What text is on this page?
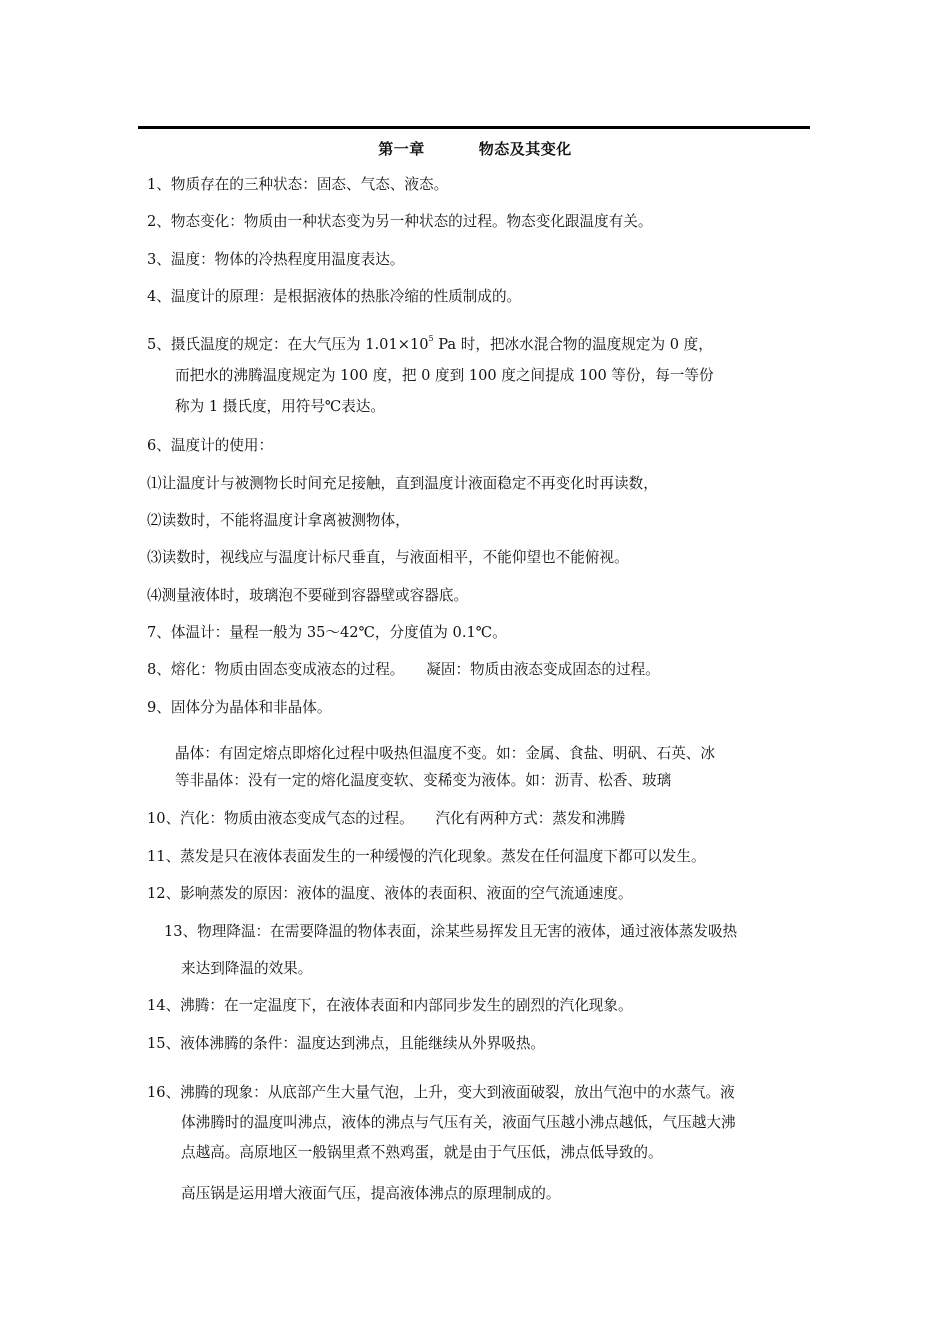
第一章	物态及其变化
1、物质存在的三种状态：固态、气态、液态。
2、物态变化：物质由一种状态变为另一种状态的过程。物态变化跟温度有关。
3、温度：物体的冷热程度用温度表达。
4、温度计的原理：是根据液体的热胀冷缩的性质制成的。
5、摄氏温度的规定：在大气压为 $1.01\times 10^5$ Pa 时，把冰水混合物的温度规定为 0 度，
而把水的沸腾温度规定为 100 度，把 0 度到 100 度之间提成 100 等份，每一等份
称为 1 摄氏度，用符号℃表达。
6、温度计的使用：
⑴让温度计与被测物长时间充足接触，直到温度计液面稳定不再变化时再读数，
⑵读数时，不能将温度计拿离被测物体，
⑶读数时，视线应与温度计标尺垂直，与液面相平，不能仰望也不能俯视。
⑷测量液体时，玻璃泡不要碰到容器壁或容器底。
7、体温计：量程一般为 35～42℃，分度值为 0.1℃。
8、熔化：物质由固态变成液态的过程。　　凝固：物质由液态变成固态的过程。
9、固体分为晶体和非晶体。
晶体：有固定熔点即熔化过程中吸热但温度不变。如：金属、食盐、明矾、石英、冰
等非晶体：没有一定的熔化温度变软、变稀变为液体。如：沥青、松香、玻璃
10、汽化：物质由液态变成气态的过程。　　汽化有两种方式：蒸发和沸腾
11、蒸发是只在液体表面发生的一种缓慢的汽化现象。蒸发在任何温度下都可以发生。
12、影响蒸发的原因：液体的温度、液体的表面积、液面的空气流通速度。
13、物理降温：在需要降温的物体表面，涂某些易挥发且无害的液体，通过液体蒸发吸热
来达到降温的效果。
14、沸腾：在一定温度下，在液体表面和内部同步发生的剧烈的汽化现象。
15、液体沸腾的条件：温度达到沸点，且能继续从外界吸热。
16、沸腾的现象：从底部产生大量气泡，上升，变大到液面破裂，放出气泡中的水蒸气。液
体沸腾时的温度叫沸点，液体的沸点与气压有关，液面气压越小沸点越低，气压越大沸
点越高。高原地区一般锅里煮不熟鸡蛋，就是由于气压低，沸点低导致的。
高压锅是运用增大液面气压，提高液体沸点的原理制成的。
